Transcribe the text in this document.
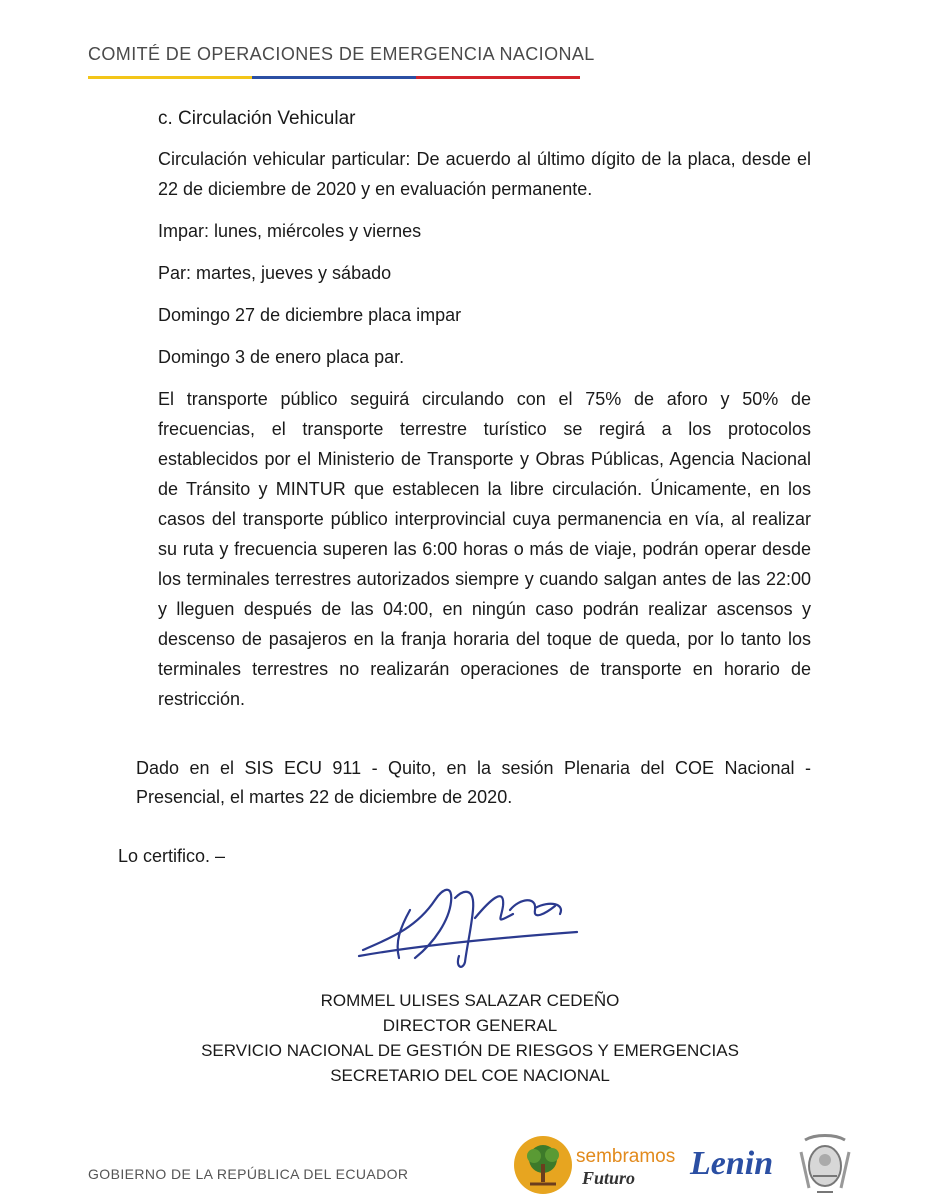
COMITÉ DE OPERACIONES DE EMERGENCIA NACIONAL
c. Circulación Vehicular

Circulación vehicular particular: De acuerdo al último dígito de la placa, desde el 22 de diciembre de 2020 y en evaluación permanente.

Impar: lunes, miércoles y viernes

Par: martes, jueves y sábado

Domingo 27 de diciembre placa impar

Domingo 3 de enero placa par.

El transporte público seguirá circulando con el 75% de aforo y 50% de frecuencias, el transporte terrestre turístico se regirá a los protocolos establecidos por el Ministerio de Transporte y Obras Públicas, Agencia Nacional de Tránsito y MINTUR que establecen la libre circulación. Únicamente, en los casos del transporte público interprovincial cuya permanencia en vía, al realizar su ruta y frecuencia superen las 6:00 horas o más de viaje, podrán operar desde los terminales terrestres autorizados siempre y cuando salgan antes de las 22:00 y lleguen después de las 04:00, en ningún caso podrán realizar ascensos y descenso de pasajeros en la franja horaria del toque de queda, por lo tanto los terminales terrestres no realizarán operaciones de transporte en horario de restricción.

Dado en el SIS ECU 911 - Quito, en la sesión Plenaria del COE Nacional - Presencial, el martes 22 de diciembre de 2020.
Lo certifico. –
ROMMEL ULISES SALAZAR CEDEÑO
DIRECTOR GENERAL
SERVICIO NACIONAL DE GESTIÓN DE RIESGOS Y EMERGENCIAS
SECRETARIO DEL COE NACIONAL
GOBIERNO DE LA REPÚBLICA DEL ECUADOR
sembramos
Futuro Lenin
